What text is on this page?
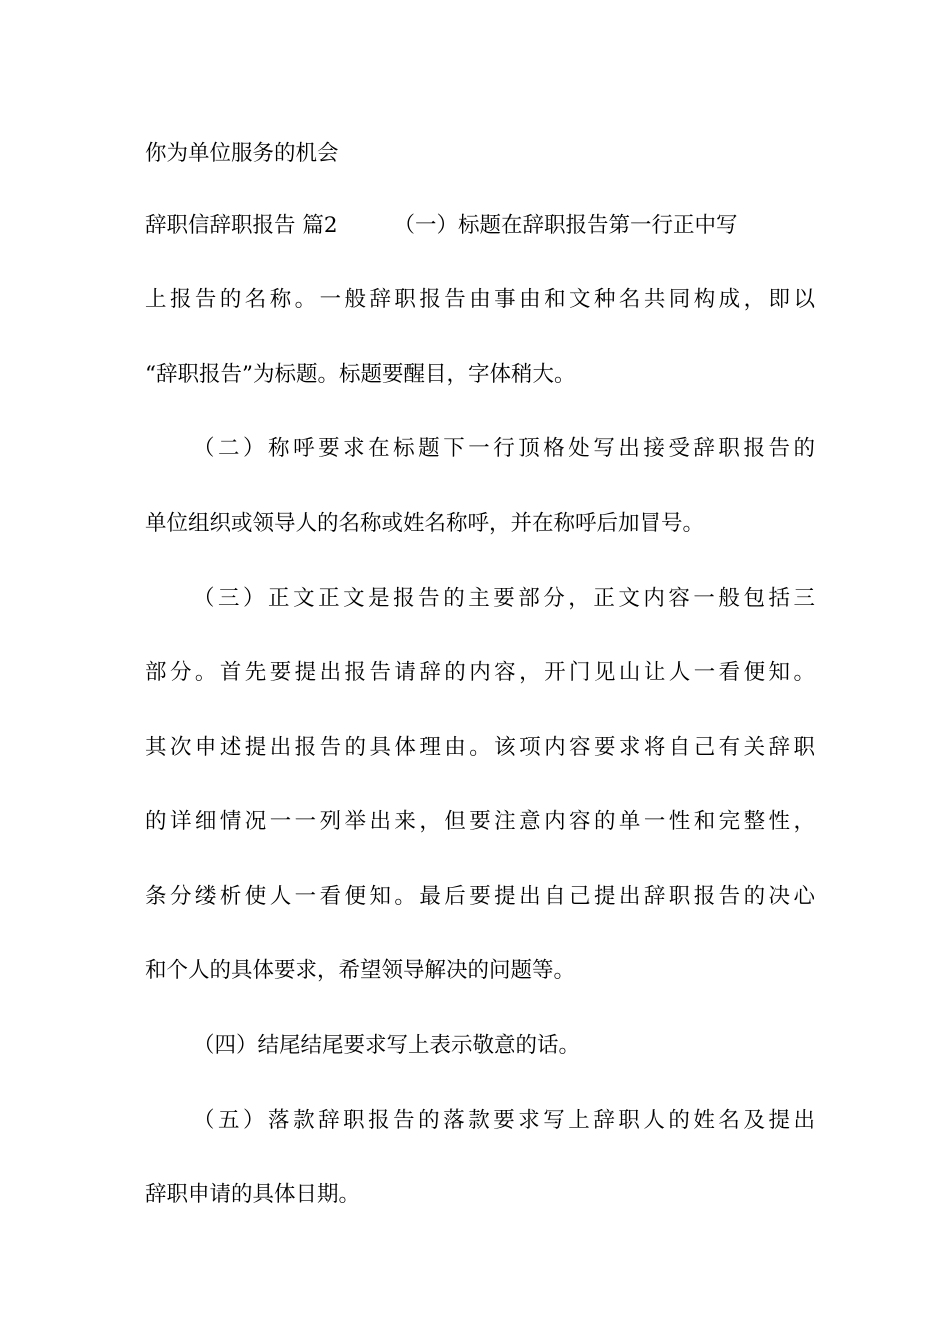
你为单位服务的机会
辞职信辞职报告 篇2	（一）标题在辞职报告第一行正中写
上报告的名称。一般辞职报告由事由和文种名共同构成，即以
“辞职报告”为标题。标题要醒目，字体稍大。
（二）称呼要求在标题下一行顶格处写出接受辞职报告的
单位组织或领导人的名称或姓名称呼，并在称呼后加冒号。
（三）正文正文是报告的主要部分，正文内容一般包括三
部分。首先要提出报告请辞的内容，开门见山让人一看便知。
其次申述提出报告的具体理由。该项内容要求将自己有关辞职
的详细情况一一列举出来，但要注意内容的单一性和完整性，
条分缕析使人一看便知。最后要提出自己提出辞职报告的决心
和个人的具体要求，希望领导解决的问题等。
（四）结尾结尾要求写上表示敬意的话。
（五）落款辞职报告的落款要求写上辞职人的姓名及提出
辞职申请的具体日期。
